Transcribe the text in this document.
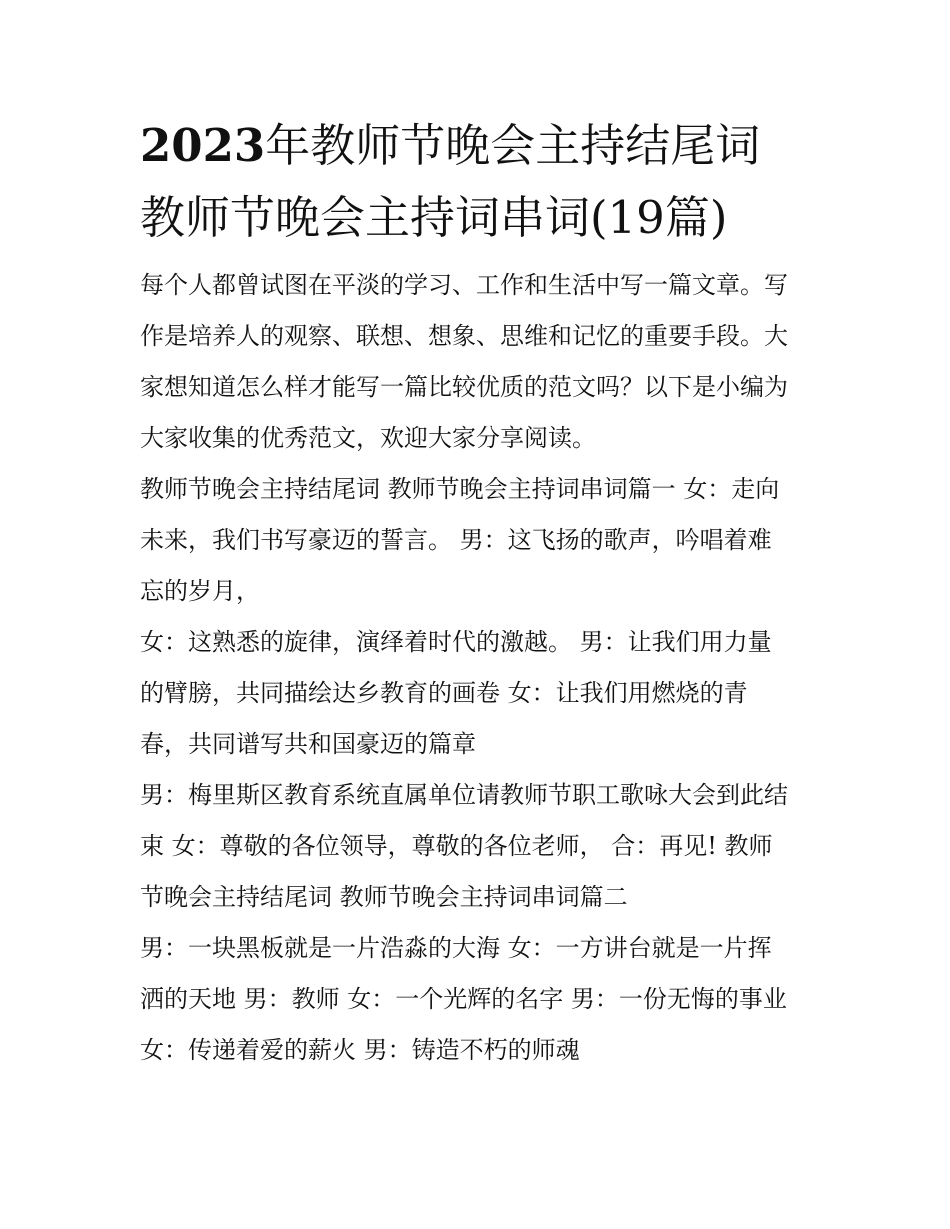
2023年教师节晚会主持结尾词
教师节晚会主持词串词(19篇)

每个人都曾试图在平淡的学习、工作和生活中写一篇文章。写
作是培养人的观察、联想、想象、思维和记忆的重要手段。大
家想知道怎么样才能写一篇比较优质的范文吗？以下是小编为
大家收集的优秀范文，欢迎大家分享阅读。

教师节晚会主持结尾词 教师节晚会主持词串词篇一 女：走向
未来，我们书写豪迈的誓言。 男：这飞扬的歌声，吟唱着难
忘的岁月，

女：这熟悉的旋律，演绎着时代的激越。 男：让我们用力量
的臂膀，共同描绘达乡教育的画卷 女：让我们用燃烧的青
春，共同谱写共和国豪迈的篇章

男：梅里斯区教育系统直属单位请教师节职工歌咏大会到此结
束 女：尊敬的各位领导，尊敬的各位老师， 合：再见! 教师
节晚会主持结尾词 教师节晚会主持词串词篇二

男：一块黑板就是一片浩淼的大海 女：一方讲台就是一片挥
洒的天地 男：教师 女：一个光辉的名字 男：一份无悔的事业
女：传递着爱的薪火 男：铸造不朽的师魂
